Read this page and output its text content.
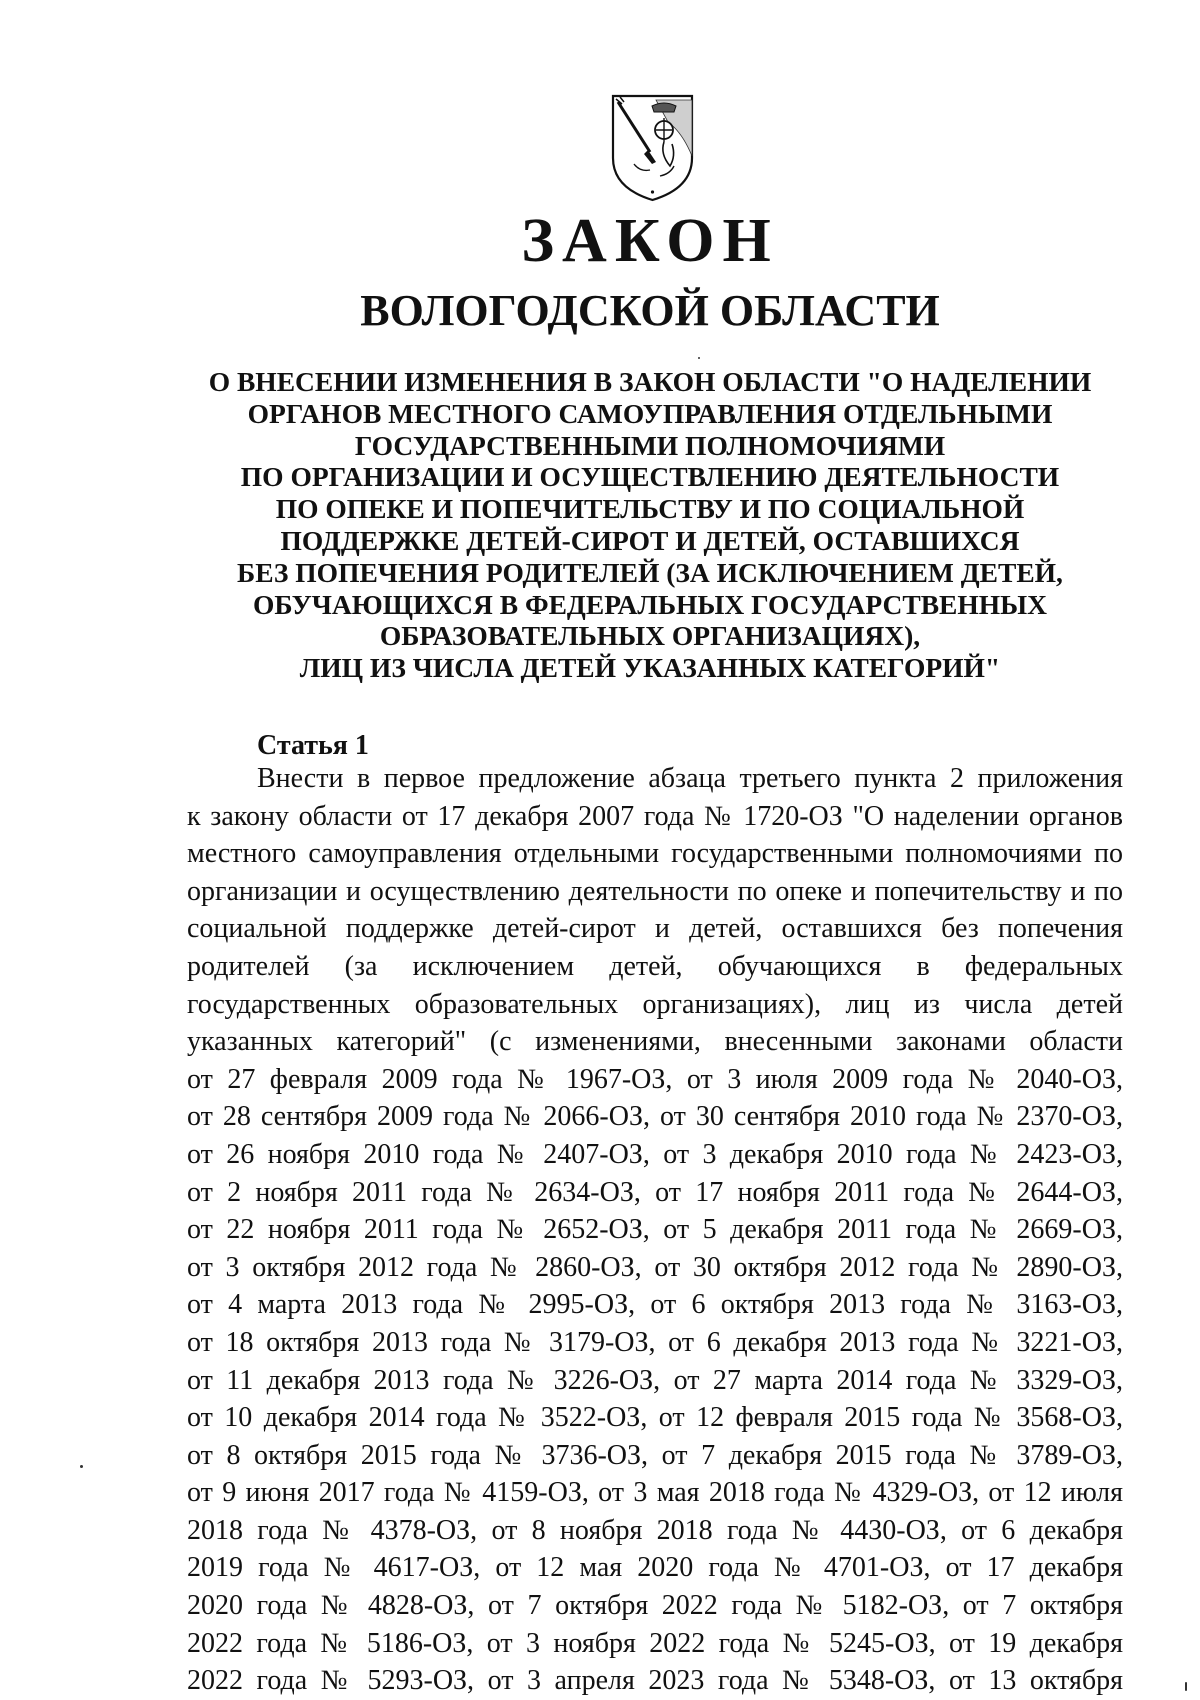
ЗАКОН
ВОЛОГОДСКОЙ ОБЛАСТИ
О ВНЕСЕНИИ ИЗМЕНЕНИЯ В ЗАКОН ОБЛАСТИ "О НАДЕЛЕНИИ
ОРГАНОВ МЕСТНОГО САМОУПРАВЛЕНИЯ ОТДЕЛЬНЫМИ
ГОСУДАРСТВЕННЫМИ ПОЛНОМОЧИЯМИ
ПО ОРГАНИЗАЦИИ И ОСУЩЕСТВЛЕНИЮ ДЕЯТЕЛЬНОСТИ
ПО ОПЕКЕ И ПОПЕЧИТЕЛЬСТВУ И ПО СОЦИАЛЬНОЙ
ПОДДЕРЖКЕ ДЕТЕЙ-СИРОТ И ДЕТЕЙ, ОСТАВШИХСЯ
БЕЗ ПОПЕЧЕНИЯ РОДИТЕЛЕЙ (ЗА ИСКЛЮЧЕНИЕМ ДЕТЕЙ,
ОБУЧАЮЩИХСЯ В ФЕДЕРАЛЬНЫХ ГОСУДАРСТВЕННЫХ
ОБРАЗОВАТЕЛЬНЫХ ОРГАНИЗАЦИЯХ),
ЛИЦ ИЗ ЧИСЛА ДЕТЕЙ УКАЗАННЫХ КАТЕГОРИЙ"
Статья 1
Внести в первое предложение абзаца третьего пункта 2 приложения
к закону области от 17 декабря 2007 года № 1720-ОЗ "О наделении органов
местного самоуправления отдельными государственными полномочиями по
организации и осуществлению деятельности по опеке и попечительству и по
социальной поддержке детей-сирот и детей, оставшихся без попечения
родителей (за исключением детей, обучающихся в федеральных
государственных образовательных организациях), лиц из числа детей
указанных категорий" (с изменениями, внесенными законами области
от 27 февраля 2009 года № 1967-ОЗ, от 3 июля 2009 года № 2040-ОЗ,
от 28 сентября 2009 года № 2066-ОЗ, от 30 сентября 2010 года № 2370-ОЗ,
от 26 ноября 2010 года № 2407-ОЗ, от 3 декабря 2010 года № 2423-ОЗ,
от 2 ноября 2011 года № 2634-ОЗ, от 17 ноября 2011 года № 2644-ОЗ,
от 22 ноября 2011 года № 2652-ОЗ, от 5 декабря 2011 года № 2669-ОЗ,
от 3 октября 2012 года № 2860-ОЗ, от 30 октября 2012 года № 2890-ОЗ,
от 4 марта 2013 года № 2995-ОЗ, от 6 октября 2013 года № 3163-ОЗ,
от 18 октября 2013 года № 3179-ОЗ, от 6 декабря 2013 года № 3221-ОЗ,
от 11 декабря 2013 года № 3226-ОЗ, от 27 марта 2014 года № 3329-ОЗ,
от 10 декабря 2014 года № 3522-ОЗ, от 12 февраля 2015 года № 3568-ОЗ,
от 8 октября 2015 года № 3736-ОЗ, от 7 декабря 2015 года № 3789-ОЗ,
от 9 июня 2017 года № 4159-ОЗ, от 3 мая 2018 года № 4329-ОЗ, от 12 июля
2018 года № 4378-ОЗ, от 8 ноября 2018 года № 4430-ОЗ, от 6 декабря
2019 года № 4617-ОЗ, от 12 мая 2020 года № 4701-ОЗ, от 17 декабря
2020 года № 4828-ОЗ, от 7 октября 2022 года № 5182-ОЗ, от 7 октября
2022 года № 5186-ОЗ, от 3 ноября 2022 года № 5245-ОЗ, от 19 декабря
2022 года № 5293-ОЗ, от 3 апреля 2023 года № 5348-ОЗ, от 13 октября
